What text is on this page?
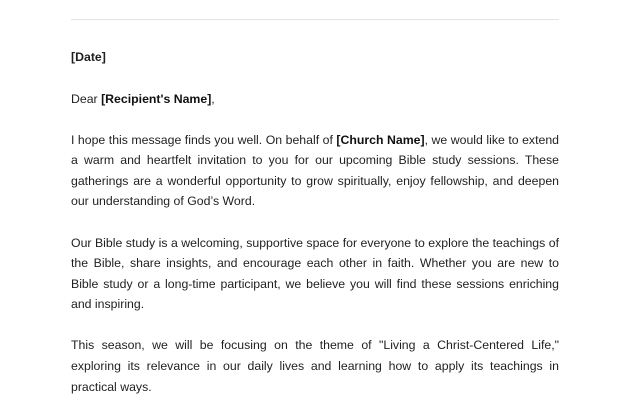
[Date]

Dear [Recipient's Name],

I hope this message finds you well. On behalf of [Church Name], we would like to extend a warm and heartfelt invitation to you for our upcoming Bible study sessions. These gatherings are a wonderful opportunity to grow spiritually, enjoy fellowship, and deepen our understanding of God’s Word.

Our Bible study is a welcoming, supportive space for everyone to explore the teachings of the Bible, share insights, and encourage each other in faith. Whether you are new to Bible study or a long-time participant, we believe you will find these sessions enriching and inspiring.

This season, we will be focusing on the theme of "Living a Christ-Centered Life," exploring its relevance in our daily lives and learning how to apply its teachings in practical ways.
